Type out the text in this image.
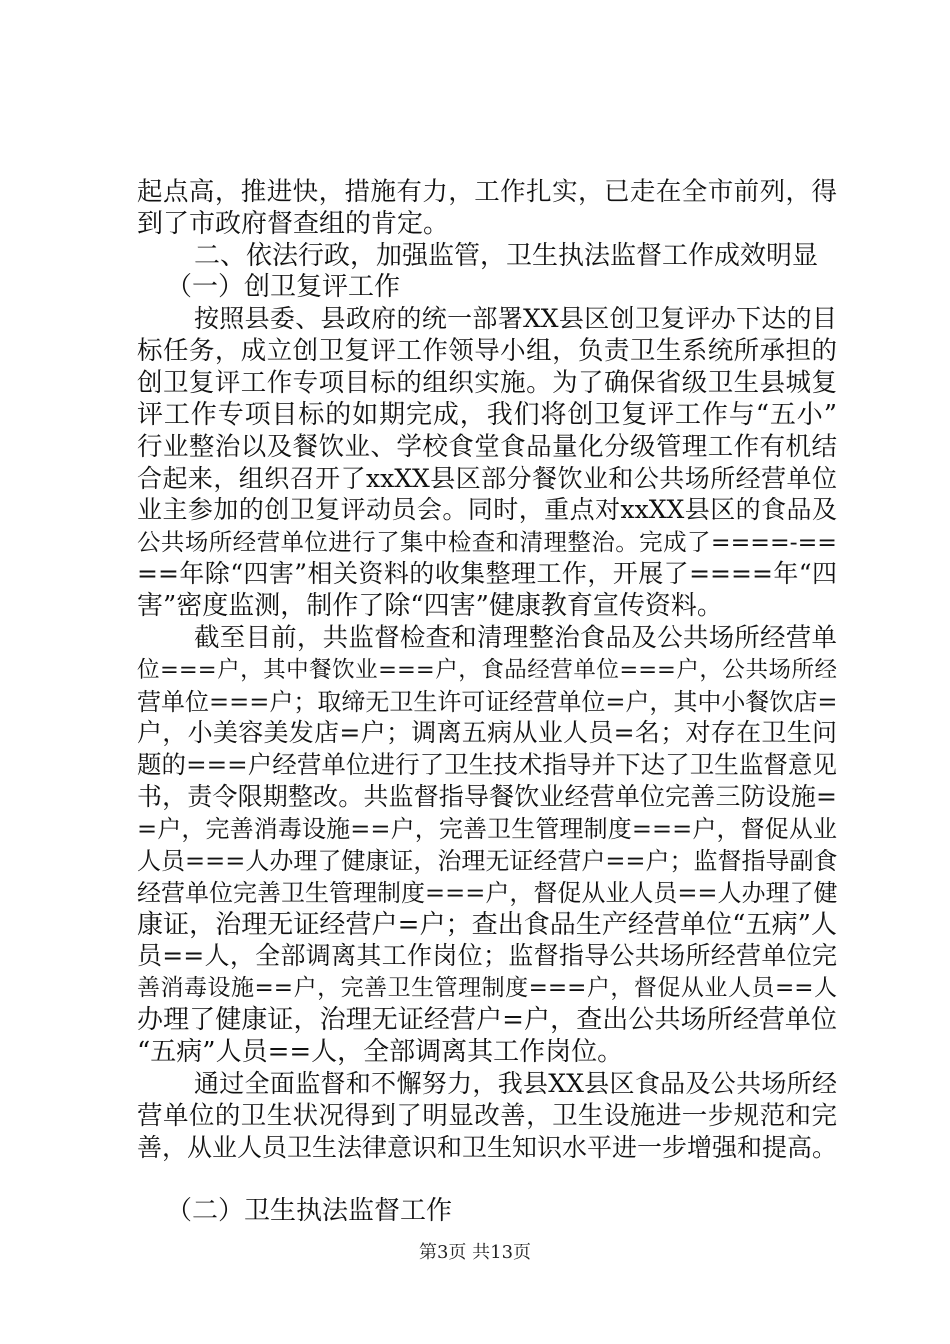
起点高，推进快，措施有力，工作扎实，已走在全市前列，得
到了市政府督查组的肯定。
二、依法行政，加强监管，卫生执法监督工作成效明显
（一）创卫复评工作
按照县委、县政府的统一部署XX县区创卫复评办下达的目
标任务，成立创卫复评工作领导小组，负责卫生系统所承担的
创卫复评工作专项目标的组织实施。为了确保省级卫生县城复
评工作专项目标的如期完成，我们将创卫复评工作与“五小”
行业整治以及餐饮业、学校食堂食品量化分级管理工作有机结
合起来，组织召开了xxXX县区部分餐饮业和公共场所经营单位
业主参加的创卫复评动员会。同时，重点对xxXX县区的食品及
公共场所经营单位进行了集中检查和清理整治。完成了====-==
==年除“四害”相关资料的收集整理工作，开展了====年“四
害”密度监测，制作了除“四害”健康教育宣传资料。
截至目前，共监督检查和清理整治食品及公共场所经营单
位===户，其中餐饮业===户，食品经营单位===户，公共场所经
营单位===户；取缔无卫生许可证经营单位=户，其中小餐饮店=
户，小美容美发店=户；调离五病从业人员=名；对存在卫生问
题的===户经营单位进行了卫生技术指导并下达了卫生监督意见
书，责令限期整改。共监督指导餐饮业经营单位完善三防设施=
=户，完善消毒设施==户，完善卫生管理制度===户，督促从业
人员===人办理了健康证，治理无证经营户==户；监督指导副食
经营单位完善卫生管理制度===户，督促从业人员==人办理了健
康证，治理无证经营户=户；查出食品生产经营单位“五病”人
员==人，全部调离其工作岗位；监督指导公共场所经营单位完
善消毒设施==户，完善卫生管理制度===户，督促从业人员==人
办理了健康证，治理无证经营户=户，查出公共场所经营单位
“五病”人员==人，全部调离其工作岗位。
通过全面监督和不懈努力，我县XX县区食品及公共场所经
营单位的卫生状况得到了明显改善，卫生设施进一步规范和完
善，从业人员卫生法律意识和卫生知识水平进一步增强和提高。
（二）卫生执法监督工作
第3页 共13页
